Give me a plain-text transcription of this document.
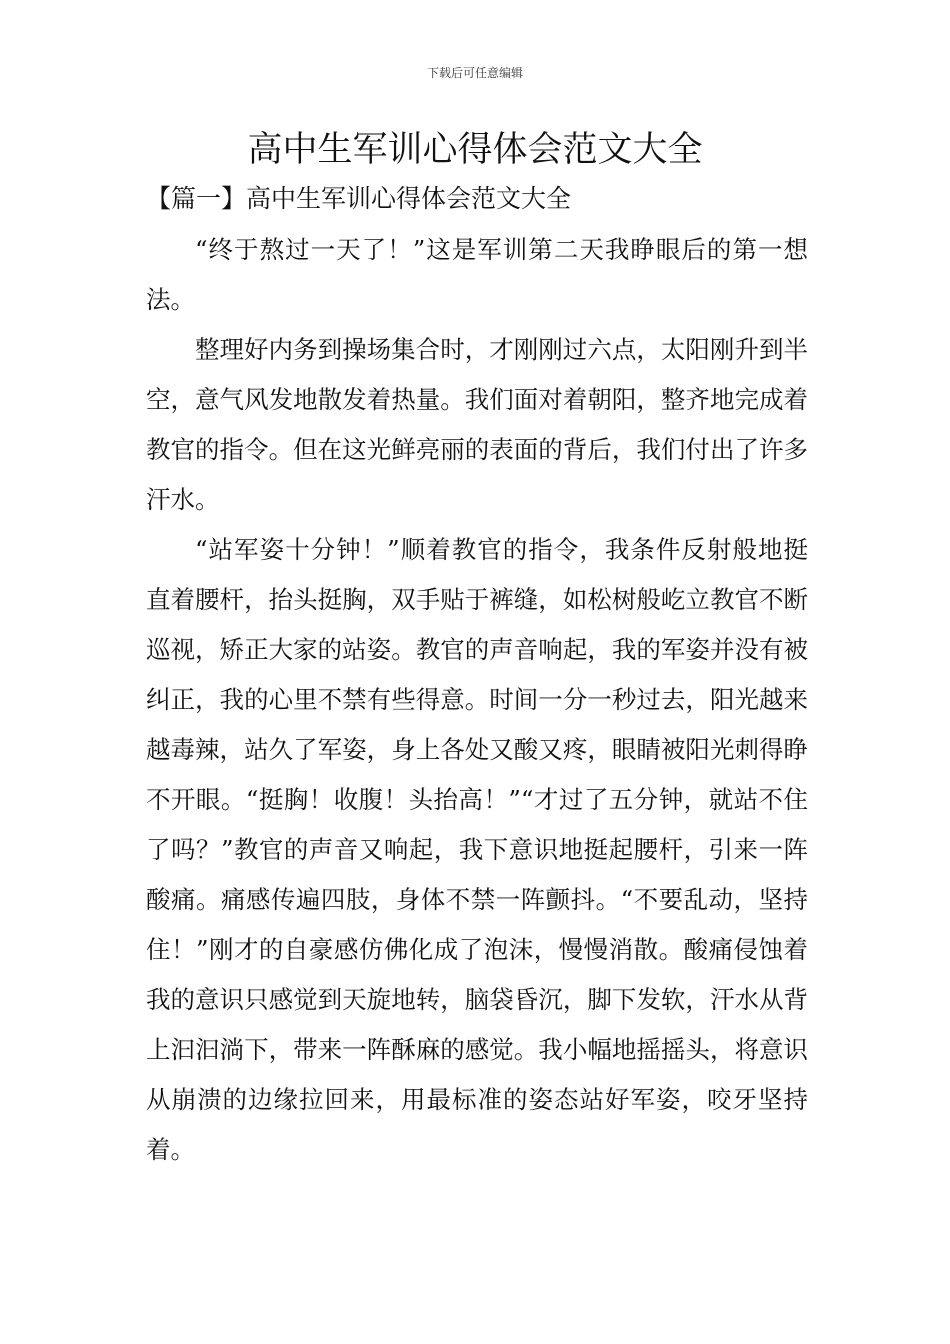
下载后可任意编辑
高中生军训心得体会范文大全
【篇一】高中生军训心得体会范文大全

“终于熬过一天了！”这是军训第二天我睁眼后的第一想法。

整理好内务到操场集合时，才刚刚过六点，太阳刚升到半空，意气风发地散发着热量。我们面对着朝阳，整齐地完成着教官的指令。但在这光鲜亮丽的表面的背后，我们付出了许多汗水。

“站军姿十分钟！”顺着教官的指令，我条件反射般地挺直着腰杆，抬头挺胸，双手贴于裤缝，如松树般屹立教官不断巡视，矫正大家的站姿。教官的声音响起，我的军姿并没有被纠正，我的心里不禁有些得意。时间一分一秒过去，阳光越来越毒辣，站久了军姿，身上各处又酸又疼，眼睛被阳光刺得睁不开眼。“挺胸！收腹！头抬高！”“才过了五分钟，就站不住了吗？”教官的声音又响起，我下意识地挺起腰杆，引来一阵酸痛。痛感传遍四肢，身体不禁一阵颤抖。“不要乱动，坚持住！”刚才的自豪感仿佛化成了泡沫，慢慢消散。酸痛侵蚀着我的意识只感觉到天旋地转，脑袋昏沉，脚下发软，汗水从背上汩汩淌下，带来一阵酥麻的感觉。我小幅地摇摇头，将意识从崩溃的边缘拉回来，用最标准的姿态站好军姿，咬牙坚持着。
